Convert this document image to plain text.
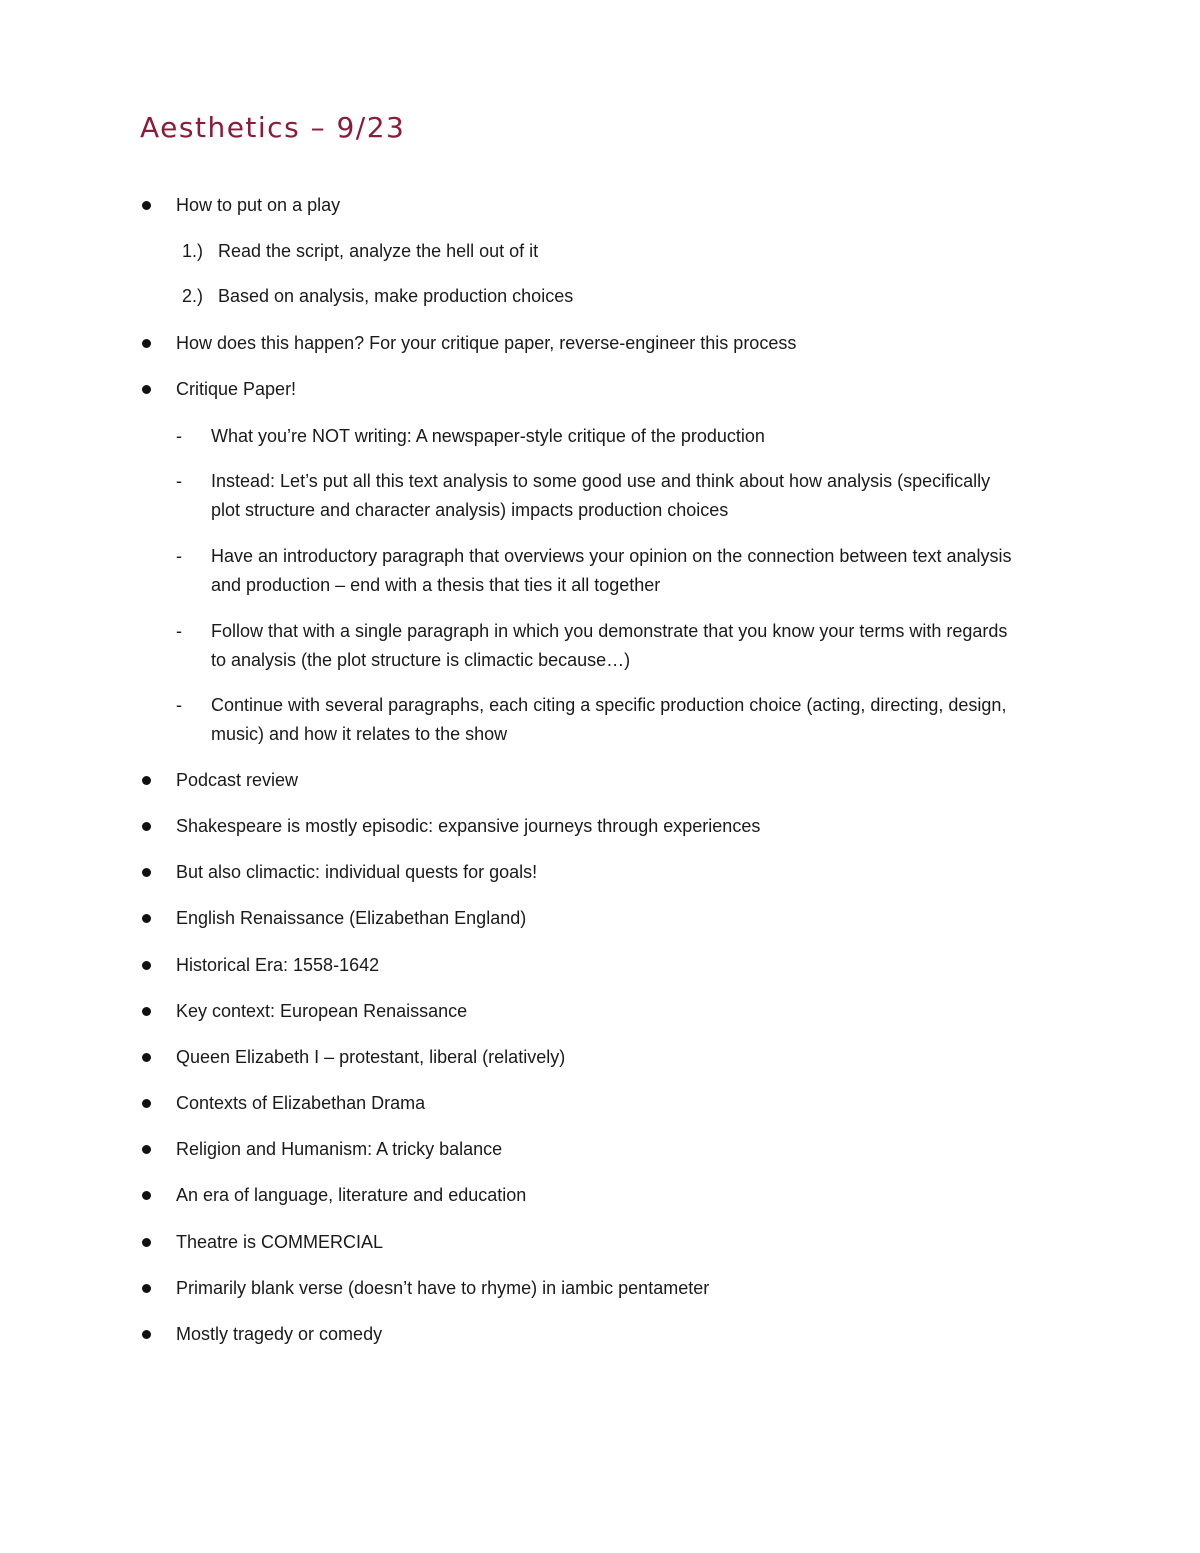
Aesthetics – 9/23
How to put on a play
1.) Read the script, analyze the hell out of it
2.) Based on analysis, make production choices
How does this happen? For your critique paper, reverse-engineer this process
Critique Paper!
- What you’re NOT writing: A newspaper-style critique of the production
- Instead: Let’s put all this text analysis to some good use and think about how analysis (specifically
plot structure and character analysis) impacts production choices
- Have an introductory paragraph that overviews your opinion on the connection between text analysis
and production – end with a thesis that ties it all together
- Follow that with a single paragraph in which you demonstrate that you know your terms with regards
to analysis (the plot structure is climactic because…)
- Continue with several paragraphs, each citing a specific production choice (acting, directing, design,
music) and how it relates to the show
Podcast review
Shakespeare is mostly episodic: expansive journeys through experiences
But also climactic: individual quests for goals!
English Renaissance (Elizabethan England)
Historical Era: 1558-1642
Key context: European Renaissance
Queen Elizabeth I – protestant, liberal (relatively)
Contexts of Elizabethan Drama
Religion and Humanism: A tricky balance
An era of language, literature and education
Theatre is COMMERCIAL
Primarily blank verse (doesn’t have to rhyme) in iambic pentameter
Mostly tragedy or comedy
